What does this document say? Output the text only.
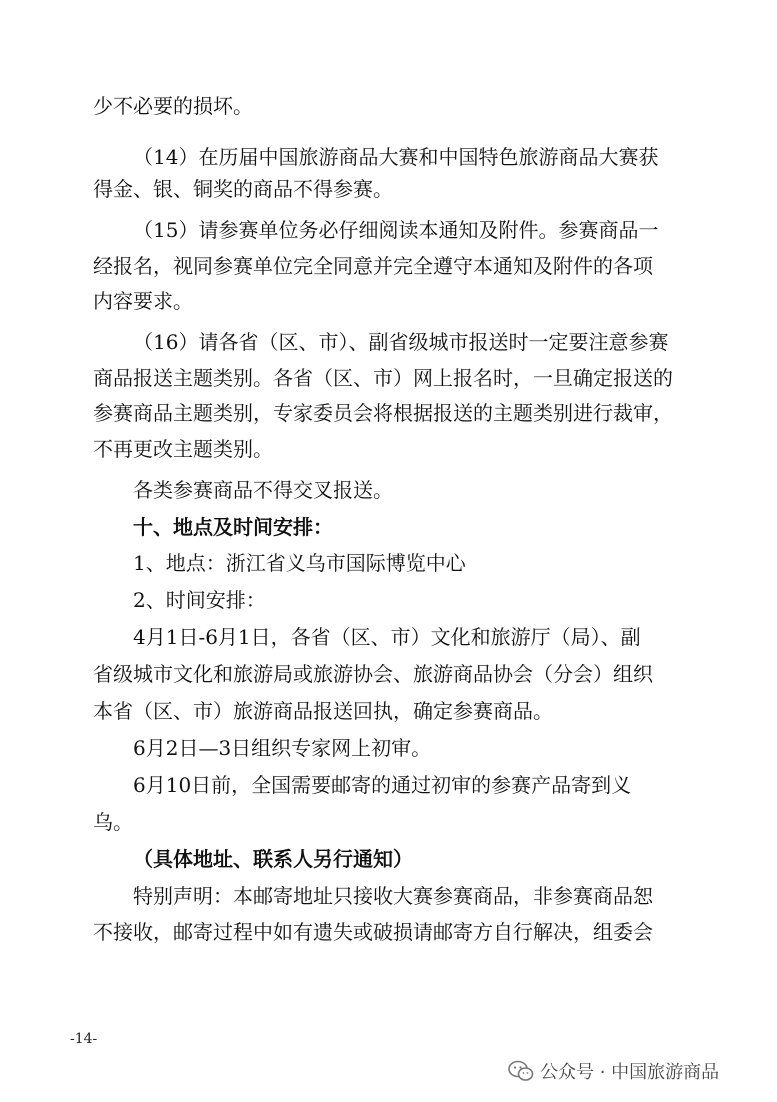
少不必要的损坏。
（14）在历届中国旅游商品大赛和中国特色旅游商品大赛获
得金、银、铜奖的商品不得参赛。
（15）请参赛单位务必仔细阅读本通知及附件。参赛商品一
经报名，视同参赛单位完全同意并完全遵守本通知及附件的各项
内容要求。
（16）请各省（区、市）、副省级城市报送时一定要注意参赛
商品报送主题类别。各省（区、市）网上报名时，一旦确定报送的
参赛商品主题类别，专家委员会将根据报送的主题类别进行裁审，
不再更改主题类别。
各类参赛商品不得交叉报送。
十、地点及时间安排：
1、地点：浙江省义乌市国际博览中心
2、时间安排：
4月1日-6月1日，各省（区、市）文化和旅游厅（局）、副
省级城市文化和旅游局或旅游协会、旅游商品协会（分会）组织
本省（区、市）旅游商品报送回执，确定参赛商品。
6月2日—3日组织专家网上初审。
6月10日前，全国需要邮寄的通过初审的参赛产品寄到义
乌。
（具体地址、联系人另行通知）
特别声明：本邮寄地址只接收大赛参赛商品，非参赛商品恕
不接收，邮寄过程中如有遗失或破损请邮寄方自行解决，组委会
-14-
公众号 · 中国旅游商品
